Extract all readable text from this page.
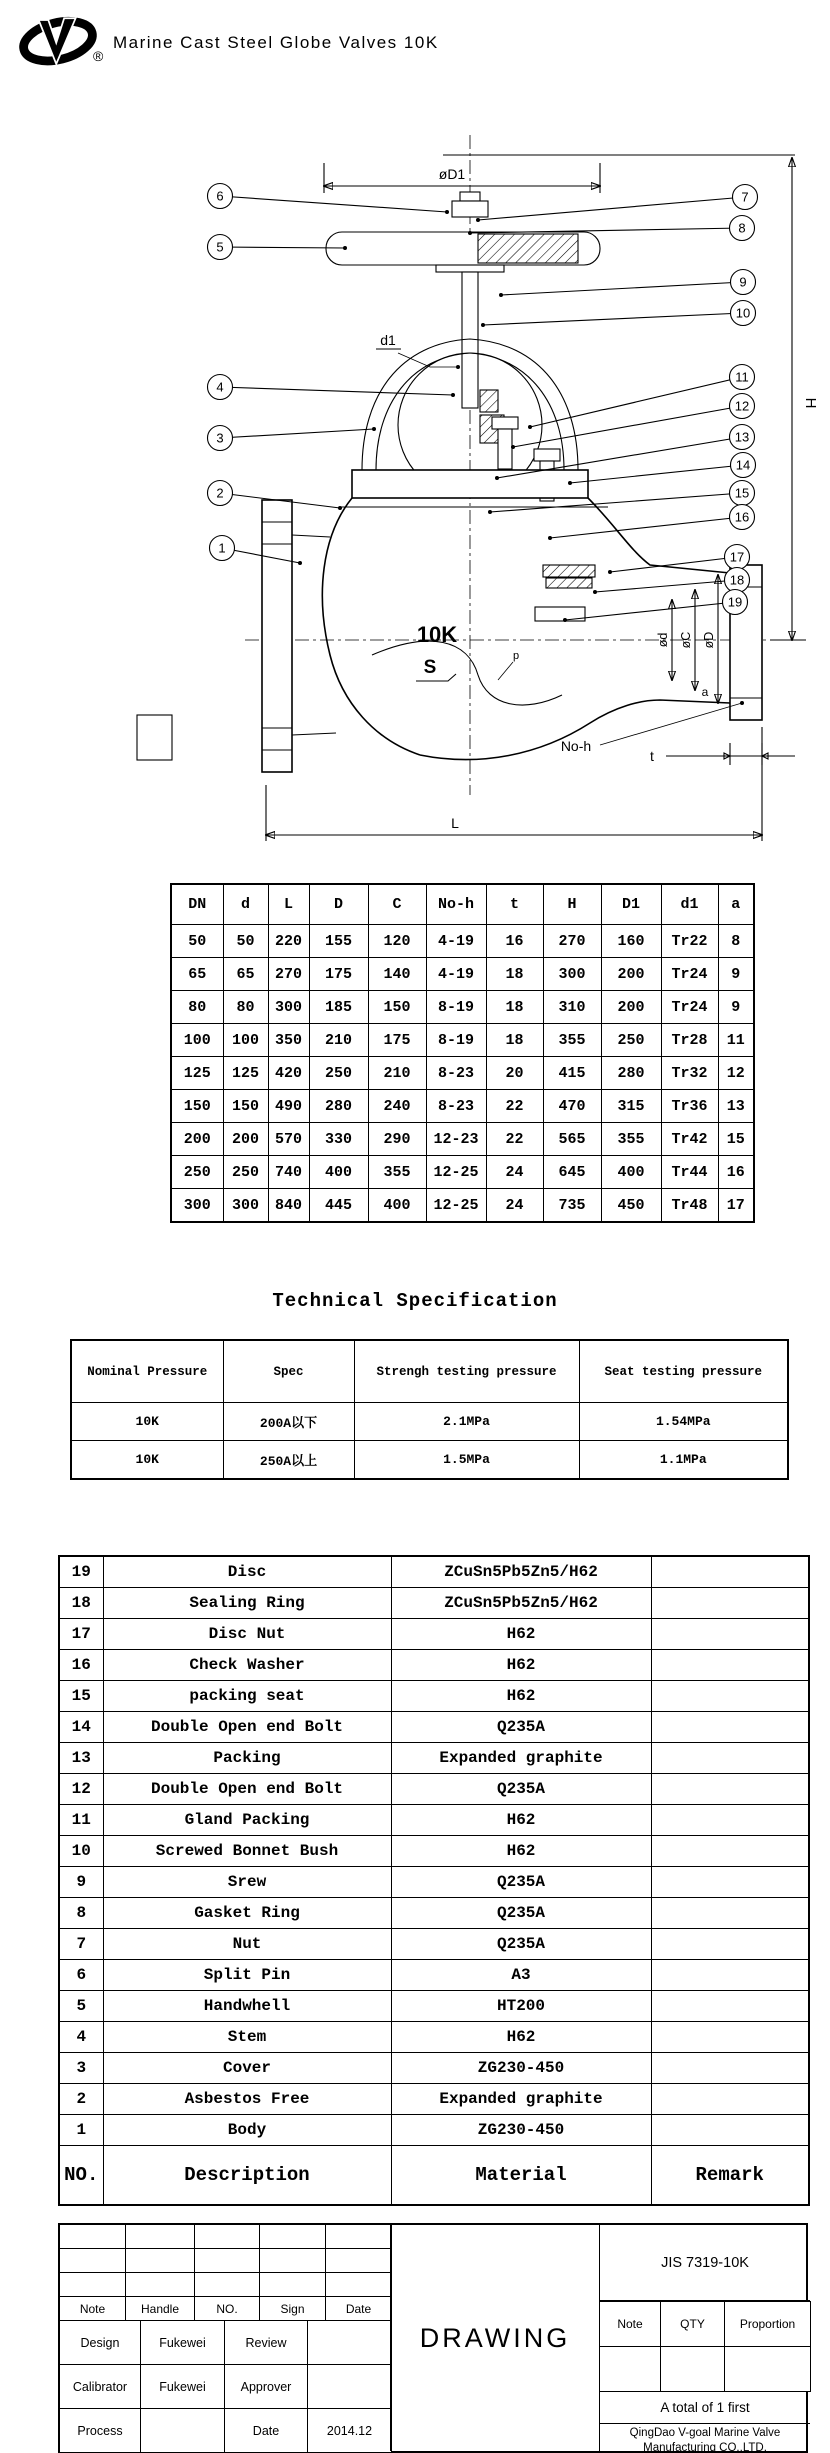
®
Marine Cast Steel Globe Valves 10K
10K
S
p
øD1
H
d1
ød øC øD
a
No-h
t
L
1
2
3
4
5
6	7
8
9
10
11
12
13
14
15
16
17
18
19
DN	d	L	D	C	No-h	t	H	D1	d1	a
50	50	220	155	120	4-19	16	270	160	Tr22	8
65	65	270	175	140	4-19	18	300	200	Tr24	9
80	80	300	185	150	8-19	18	310	200	Tr24	9
100	100	350	210	175	8-19	18	355	250	Tr28	11
125	125	420	250	210	8-23	20	415	280	Tr32	12
150	150	490	280	240	8-23	22	470	315	Tr36	13
200	200	570	330	290	12-23	22	565	355	Tr42	15
250	250	740	400	355	12-25	24	645	400	Tr44	16
300	300	840	445	400	12-25	24	735	450	Tr48	17
Technical Specification
Nominal Pressure	Spec	Strengh testing pressure	Seat testing pressure
10K	200A以下	2.1MPa	1.54MPa
10K	250A以上	1.5MPa	1.1MPa
19	Disc	ZCuSn5Pb5Zn5/H62	
18	Sealing Ring	ZCuSn5Pb5Zn5/H62	
17	Disc Nut	H62	
16	Check Washer	H62	
15	packing seat	H62	
14	Double Open end Bolt	Q235A	
13	Packing	Expanded graphite	
12	Double Open end Bolt	Q235A	
11	Gland Packing	H62	
10	Screwed Bonnet Bush	H62	
9	Srew	Q235A	
8	Gasket Ring	Q235A	
7	Nut	Q235A	
6	Split Pin	A3	
5	Handwhell	HT200	
4	Stem	H62	
3	Cover	ZG230-450	
2	Asbestos Free	Expanded graphite	
1	Body	ZG230-450	
NO.	Description	Material	Remark

Note	Handle	NO.	Sign	Date
Design	Fukewei	Review	
Calibrator	Fukewei	Approver	
Process		Date	2014.12
DRAWING
JIS 7319-10K
Note	QTY	Proportion

A total of 1 first
QingDao V-goal Marine Valve
Manufacturing CO.,LTD.
